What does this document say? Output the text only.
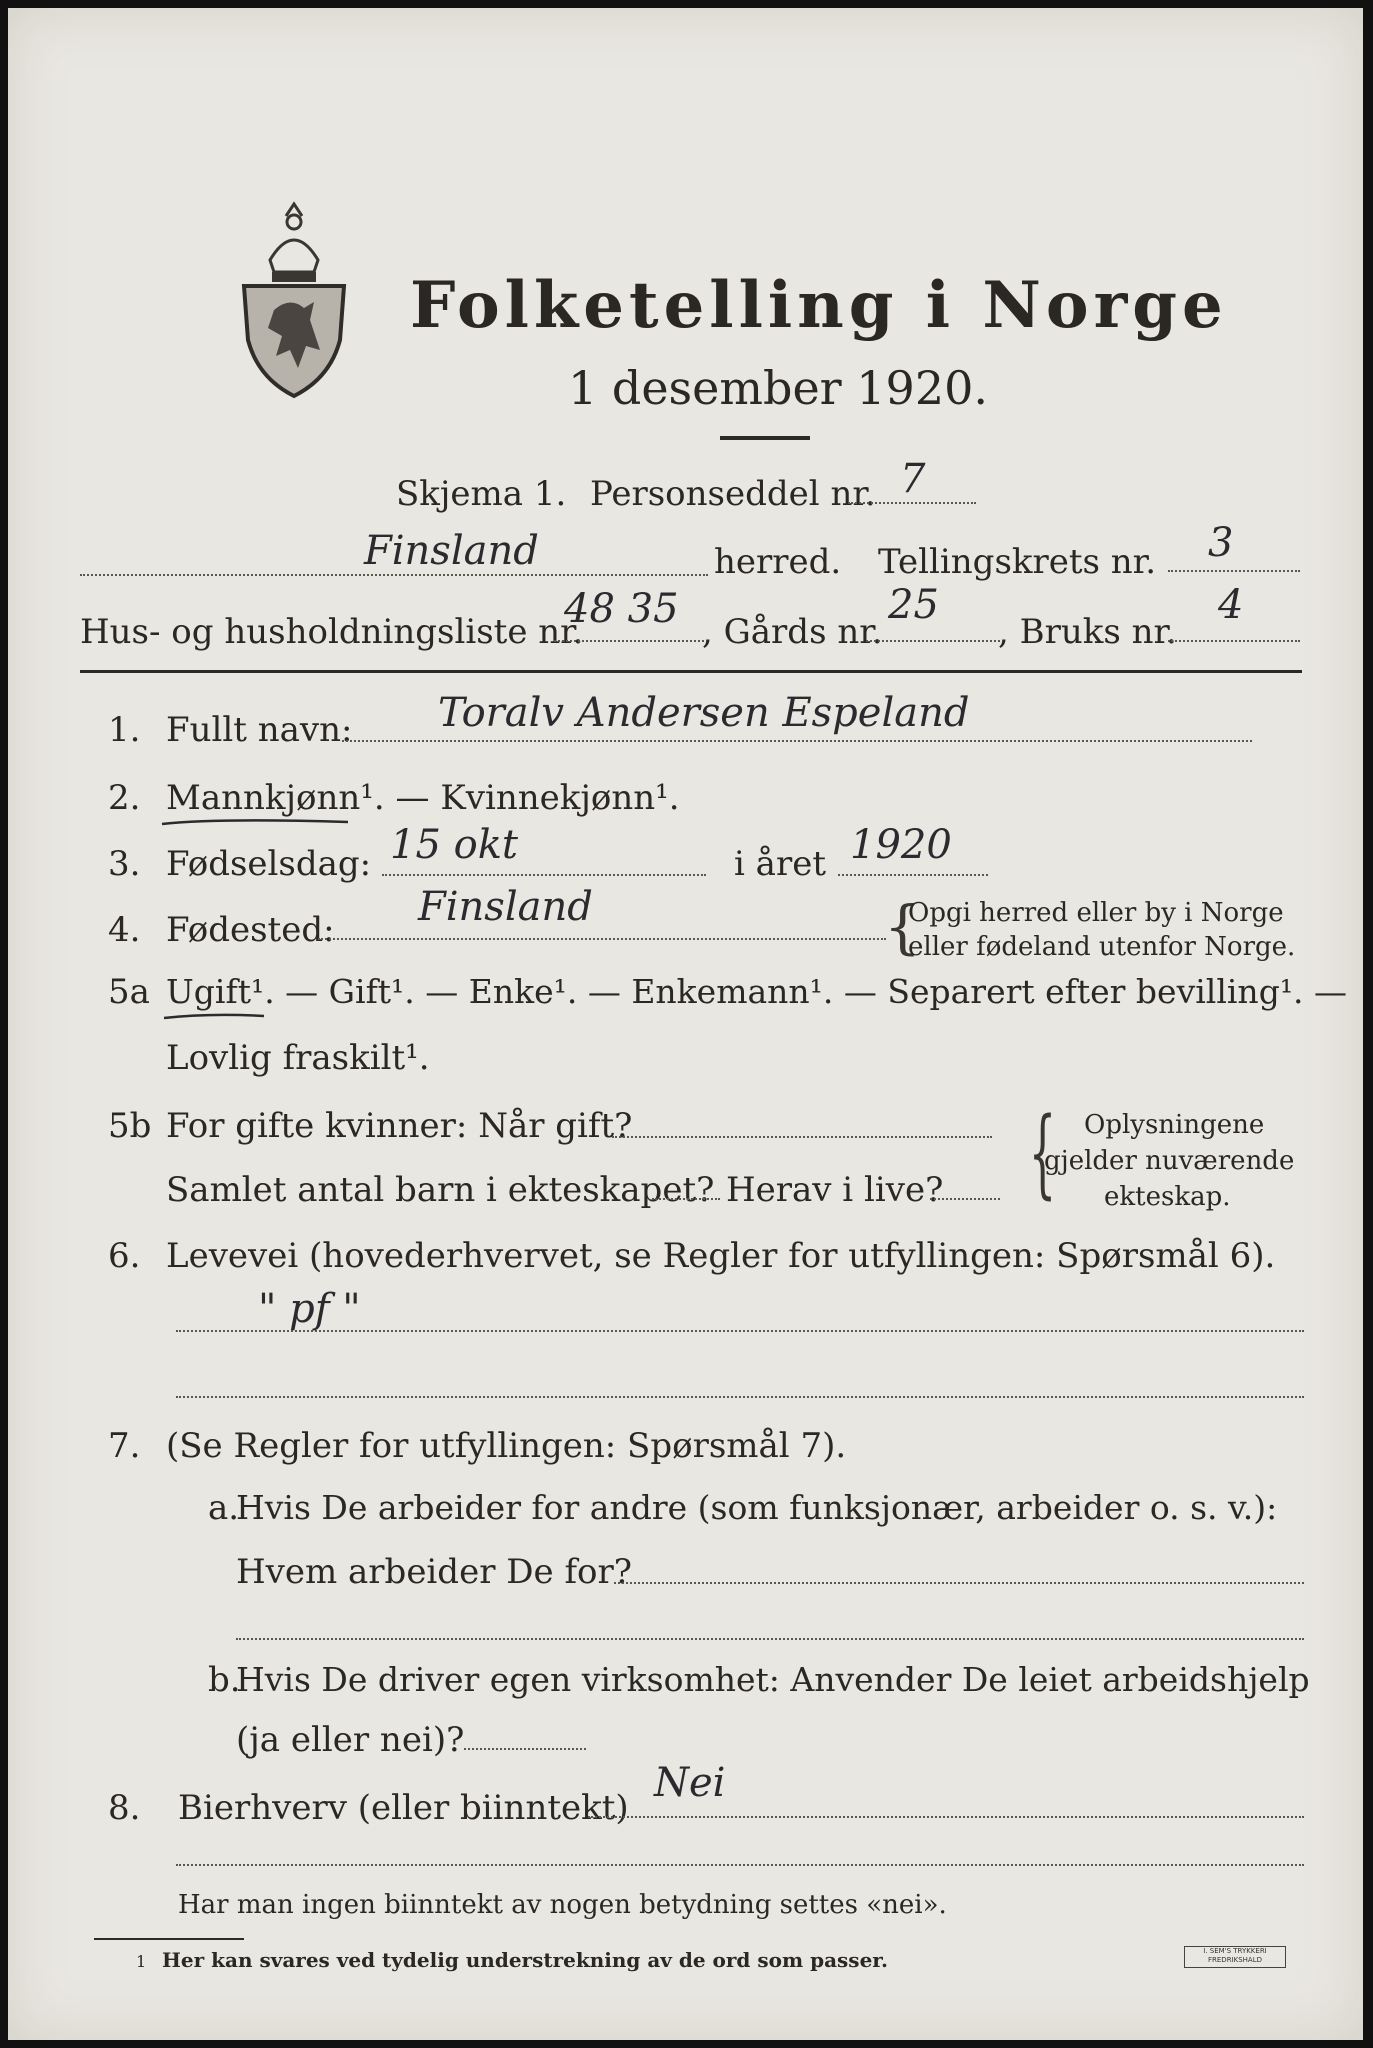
Folketelling i Norge
1 desember 1920.
Skjema 1. Personseddel nr. 7
Finsland	herred. Tellingskrets nr. 3
Hus- og husholdningsliste nr.
48 35 , Gårds nr.
25
, Bruks nr.
4
1. Fullt navn: Toralv Andersen Espeland
2. Mannkjønn¹. — Kvinnekjønn¹.
3. Fødselsdag: 15 okt	i året 1920
4. Fødested: Finsland	{
Opgi herred eller by i Norge
eller fødeland utenfor Norge.
5a Ugift¹. — Gift¹. — Enke¹. — Enkemann¹. — Separert efter bevilling¹. —
Lovlig fraskilt¹.
5b For gifte kvinner: Når gift?
Samlet antal barn i ekteskapet? Herav i live? { Oplysningene
gjelder nuværende
ekteskap.
6. Levevei (hovederhvervet, se Regler for utfyllingen: Spørsmål 6).
" pf "
7. (Se Regler for utfyllingen: Spørsmål 7).
a.
Hvis De arbeider for andre (som funksjonær, arbeider o. s. v.):
Hvem arbeider De for?
b.
Hvis De driver egen virksomhet: Anvender De leiet arbeidshjelp
(ja eller nei)?
8. Bierhverv (eller biinntekt)
Nei
Har man ingen biinntekt av nogen betydning settes «nei».
1 Her kan svares ved tydelig understrekning av de ord som passer.	I. SEM'S TRYKKERI FREDRIKSHALD
